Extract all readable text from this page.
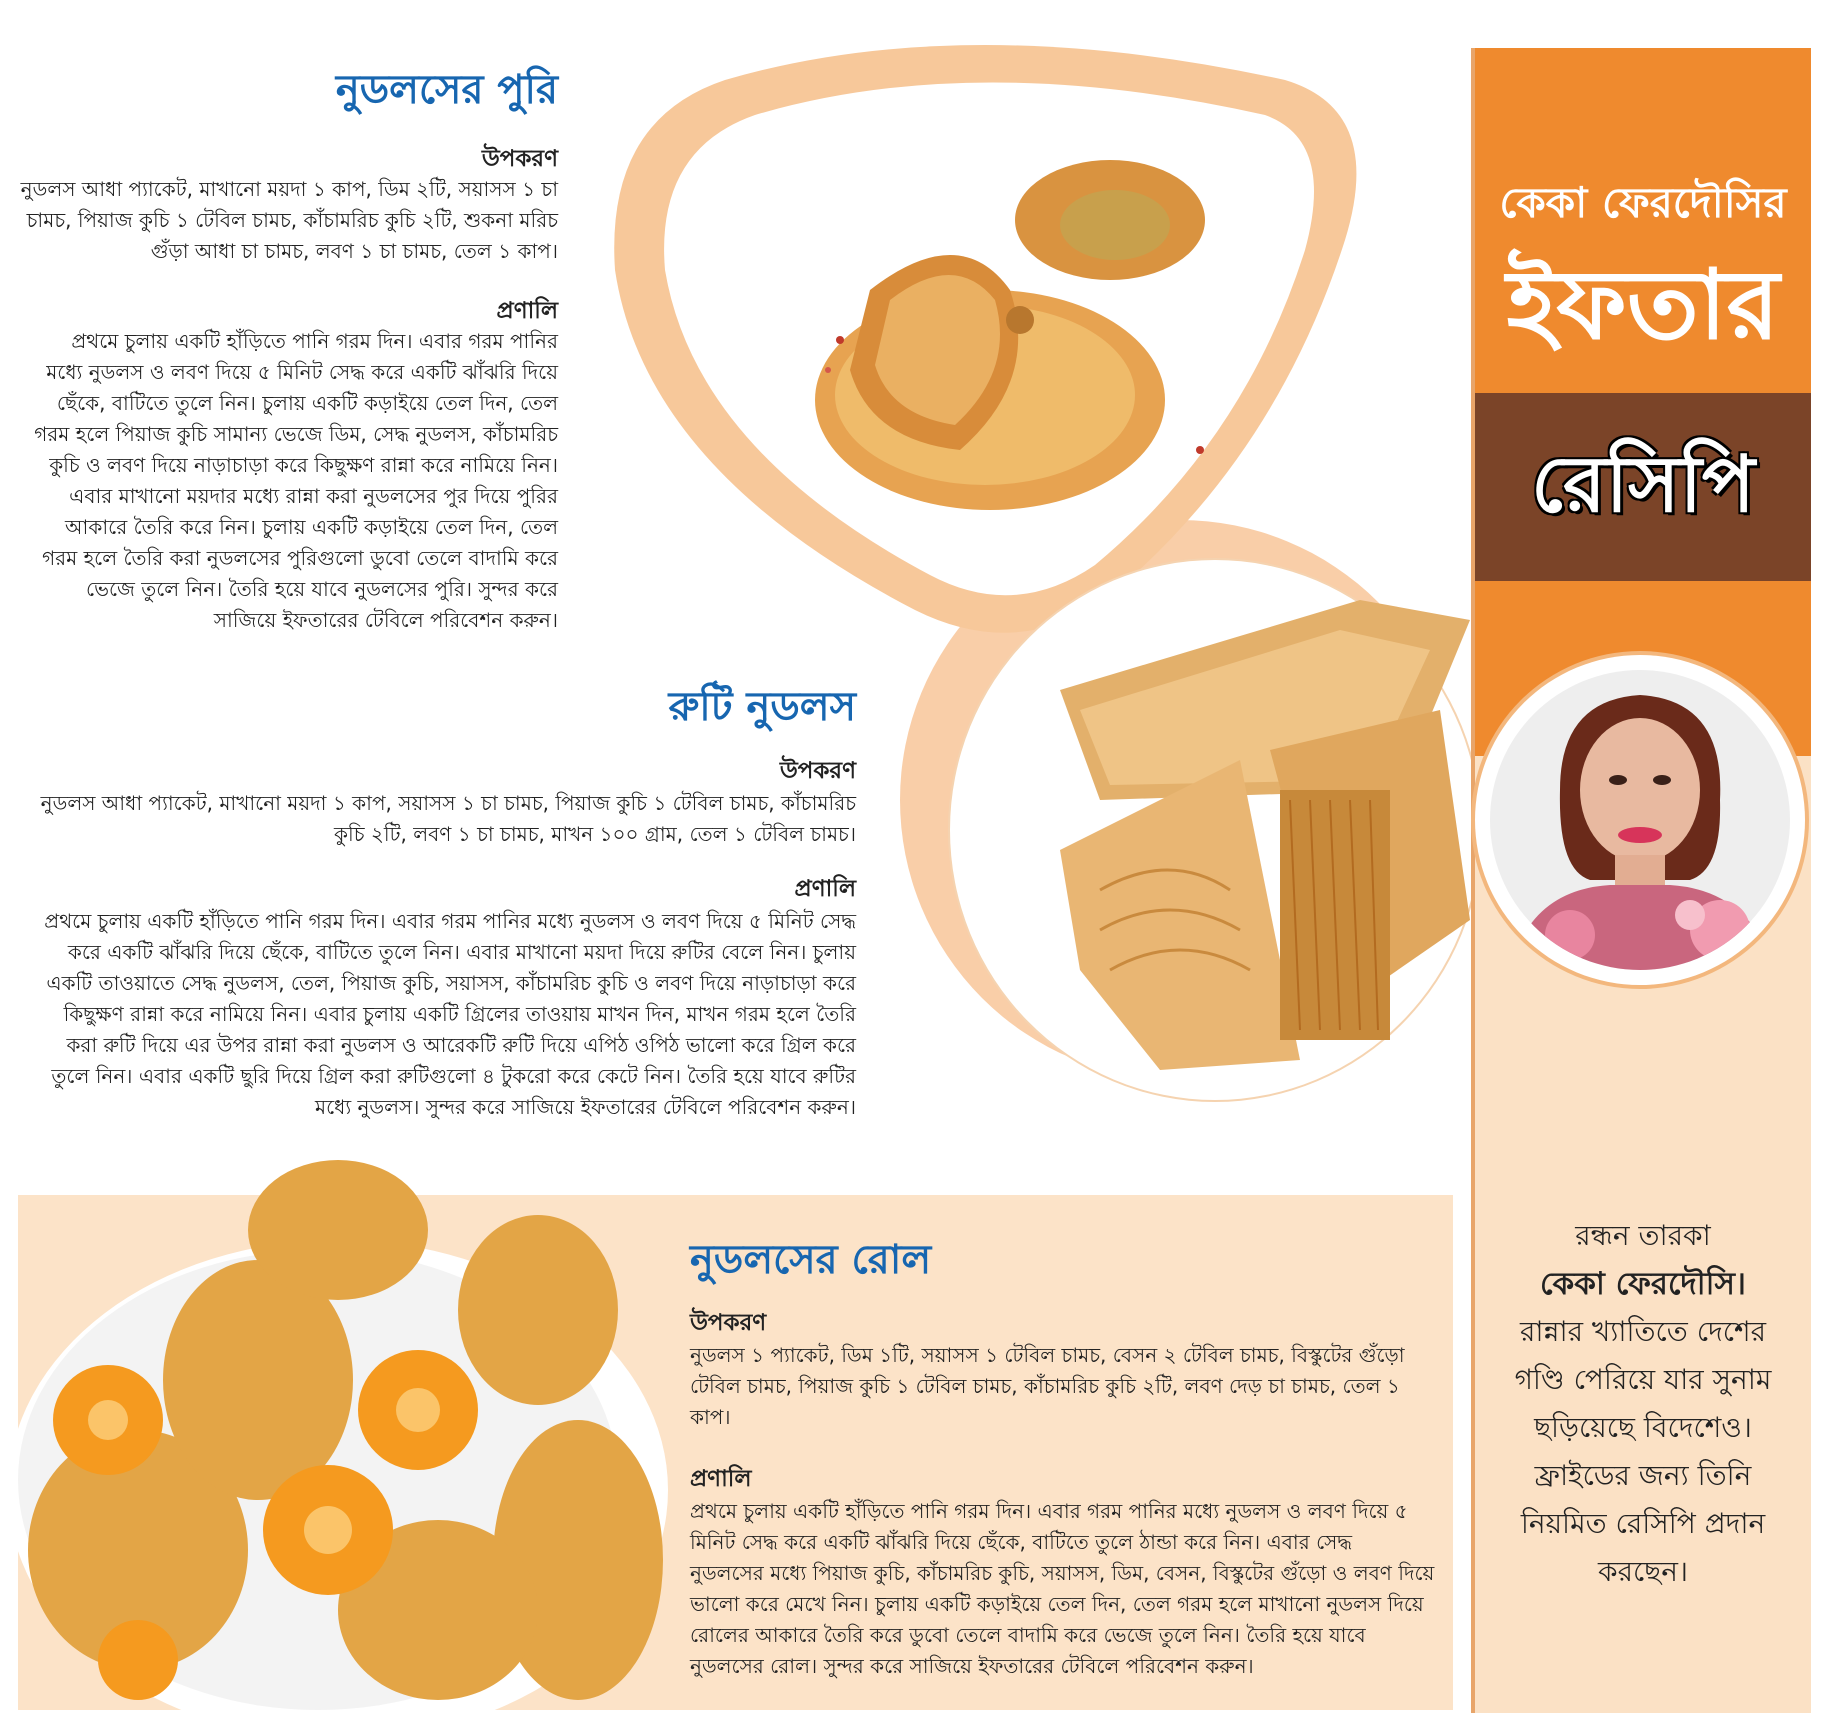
নুডলসের পুরি
উপকরণ
নুডলস আধা প্যাকেট, মাখানো ময়দা ১ কাপ, ডিম ২টি, সয়াসস ১ চা
চামচ, পিয়াজ কুচি ১ টেবিল চামচ, কাঁচামরিচ কুচি ২টি, শুকনা মরিচ
গুঁড়া আধা চা চামচ, লবণ ১ চা চামচ, তেল ১ কাপ।
প্রণালি
প্রথমে চুলায় একটি হাঁড়িতে পানি গরম দিন। এবার গরম পানির
মধ্যে নুডলস ও লবণ দিয়ে ৫ মিনিট সেদ্ধ করে একটি ঝাঁঝরি দিয়ে
ছেঁকে, বাটিতে তুলে নিন। চুলায় একটি কড়াইয়ে তেল দিন, তেল
গরম হলে পিয়াজ কুচি সামান্য ভেজে ডিম, সেদ্ধ নুডলস, কাঁচামরিচ
কুচি ও লবণ দিয়ে নাড়াচাড়া করে কিছুক্ষণ রান্না করে নামিয়ে নিন।
এবার মাখানো ময়দার মধ্যে রান্না করা নুডলসের পুর দিয়ে পুরির
আকারে তৈরি করে নিন। চুলায় একটি কড়াইয়ে তেল দিন, তেল
গরম হলে তৈরি করা নুডলসের পুরিগুলো ডুবো তেলে বাদামি করে
ভেজে তুলে নিন। তৈরি হয়ে যাবে নুডলসের পুরি। সুন্দর করে
সাজিয়ে ইফতারের টেবিলে পরিবেশন করুন।
রুটি নুডলস
উপকরণ
নুডলস আধা প্যাকেট, মাখানো ময়দা ১ কাপ, সয়াসস ১ চা চামচ, পিয়াজ কুচি ১ টেবিল চামচ, কাঁচামরিচ
কুচি ২টি, লবণ ১ চা চামচ, মাখন ১০০ গ্রাম, তেল ১ টেবিল চামচ।
প্রণালি
প্রথমে চুলায় একটি হাঁড়িতে পানি গরম দিন। এবার গরম পানির মধ্যে নুডলস ও লবণ দিয়ে ৫ মিনিট সেদ্ধ
করে একটি ঝাঁঝরি দিয়ে ছেঁকে, বাটিতে তুলে নিন। এবার মাখানো ময়দা দিয়ে রুটির বেলে নিন। চুলায়
একটি তাওয়াতে সেদ্ধ নুডলস, তেল, পিয়াজ কুচি, সয়াসস, কাঁচামরিচ কুচি ও লবণ দিয়ে নাড়াচাড়া করে
কিছুক্ষণ রান্না করে নামিয়ে নিন। এবার চুলায় একটি গ্রিলের তাওয়ায় মাখন দিন, মাখন গরম হলে তৈরি
করা রুটি দিয়ে এর উপর রান্না করা নুডলস ও আরেকটি রুটি দিয়ে এপিঠ ওপিঠ ভালো করে গ্রিল করে
তুলে নিন। এবার একটি ছুরি দিয়ে গ্রিল করা রুটিগুলো ৪ টুকরো করে কেটে নিন। তৈরি হয়ে যাবে রুটির
মধ্যে নুডলস। সুন্দর করে সাজিয়ে ইফতারের টেবিলে পরিবেশন করুন।
নুডলসের রোল
উপকরণ
নুডলস ১ প্যাকেট, ডিম ১টি, সয়াসস ১ টেবিল চামচ, বেসন ২ টেবিল চামচ, বিস্কুটের গুঁড়ো
টেবিল চামচ, পিয়াজ কুচি ১ টেবিল চামচ, কাঁচামরিচ কুচি ২টি, লবণ দেড় চা চামচ, তেল ১
কাপ।
প্রণালি
প্রথমে চুলায় একটি হাঁড়িতে পানি গরম দিন। এবার গরম পানির মধ্যে নুডলস ও লবণ দিয়ে ৫
মিনিট সেদ্ধ করে একটি ঝাঁঝরি দিয়ে ছেঁকে, বাটিতে তুলে ঠান্ডা করে নিন। এবার সেদ্ধ
নুডলসের মধ্যে পিয়াজ কুচি, কাঁচামরিচ কুচি, সয়াসস, ডিম, বেসন, বিস্কুটের গুঁড়ো ও লবণ দিয়ে
ভালো করে মেখে নিন। চুলায় একটি কড়াইয়ে তেল দিন, তেল গরম হলে মাখানো নুডলস দিয়ে
রোলের আকারে তৈরি করে ডুবো তেলে বাদামি করে ভেজে তুলে নিন। তৈরি হয়ে যাবে
নুডলসের রোল। সুন্দর করে সাজিয়ে ইফতারের টেবিলে পরিবেশন করুন।
কেকা ফেরদৌসির
ইফতার
রেসিপি
রন্ধন তারকা
কেকা ফেরদৌসি।
রান্নার খ্যাতিতে দেশের
গণ্ডি পেরিয়ে যার সুনাম
ছড়িয়েছে বিদেশেও।
ফ্রাইডের জন্য তিনি
নিয়মিত রেসিপি প্রদান
করছেন।
